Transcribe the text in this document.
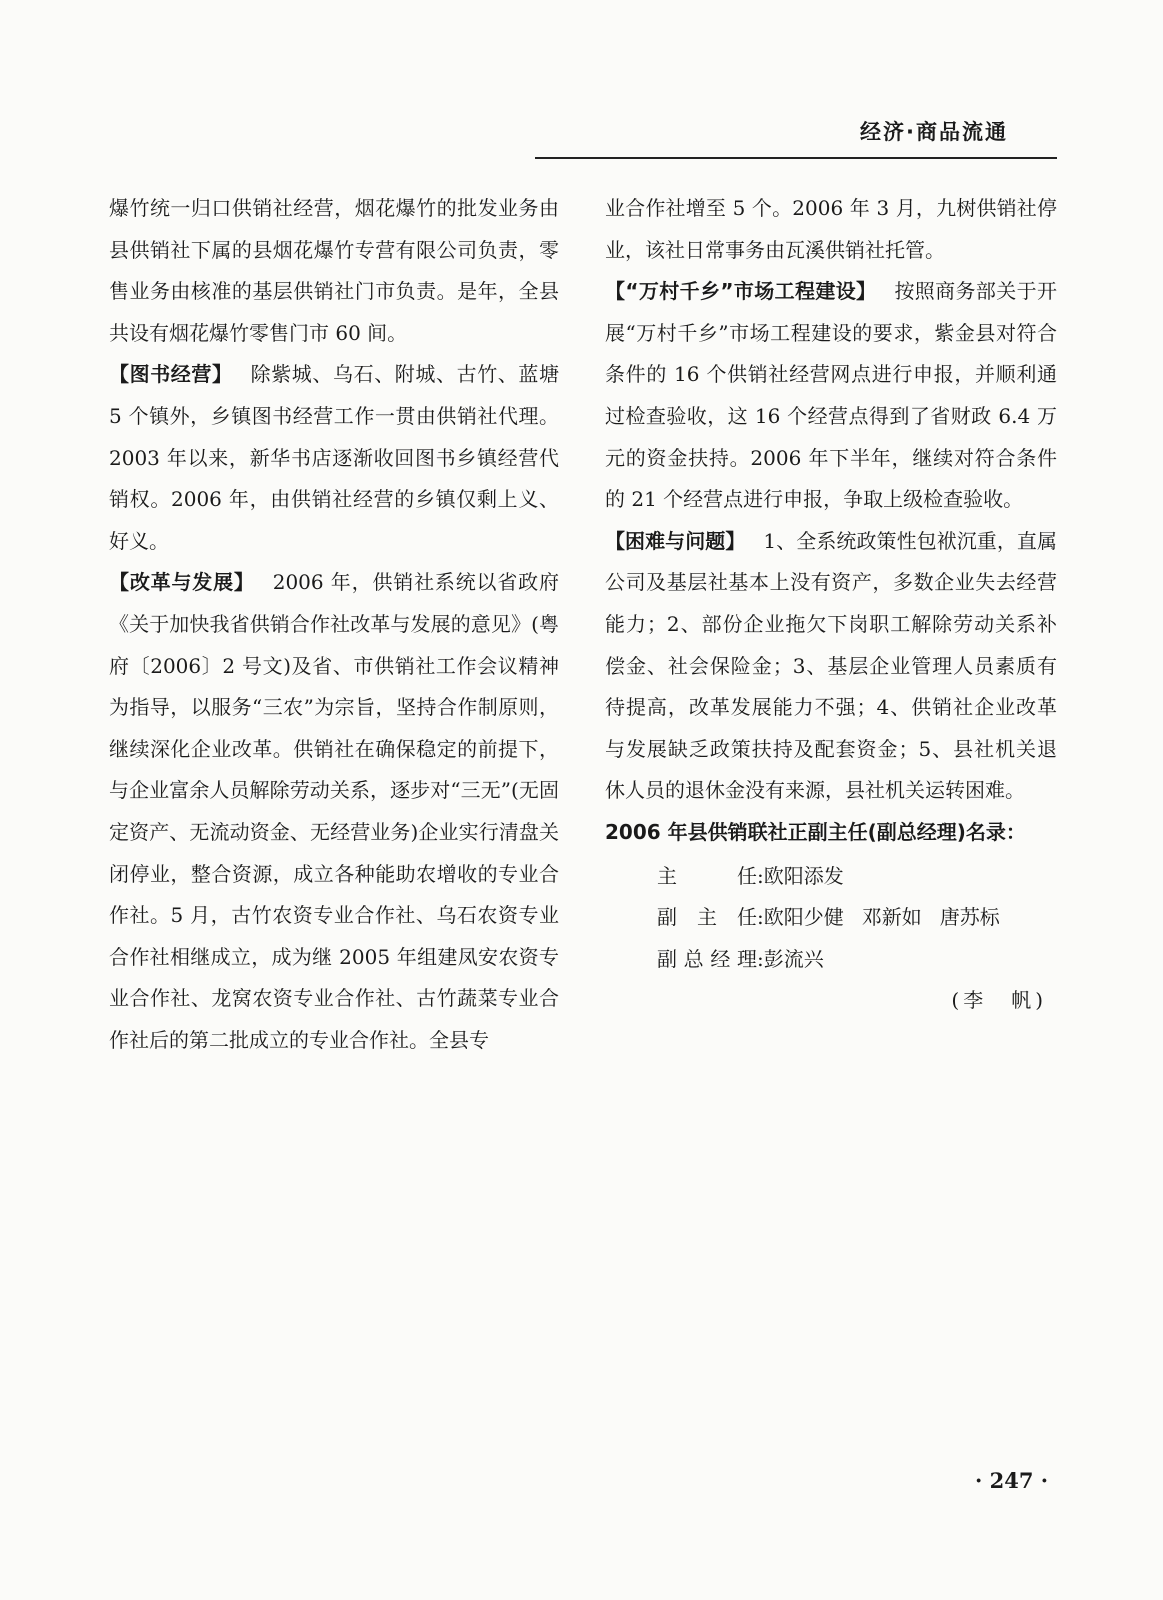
经济·商品流通

爆竹统一归口供销社经营，烟花爆竹的批发业务由县供销社下属的县烟花爆竹专营有限公司负责，零售业务由核准的基层供销社门市负责。是年，全县共设有烟花爆竹零售门市 60 间。

【图书经营】 除紫城、乌石、附城、古竹、蓝塘 5 个镇外，乡镇图书经营工作一贯由供销社代理。2003 年以来，新华书店逐渐收回图书乡镇经营代销权。2006 年，由供销社经营的乡镇仅剩上义、好义。

【改革与发展】 2006 年，供销社系统以省政府《关于加快我省供销合作社改革与发展的意见》(粤府〔2006〕2 号文)及省、市供销社工作会议精神为指导，以服务“三农”为宗旨，坚持合作制原则，继续深化企业改革。供销社在确保稳定的前提下，与企业富余人员解除劳动关系，逐步对“三无”(无固定资产、无流动资金、无经营业务)企业实行清盘关闭停业，整合资源，成立各种能助农增收的专业合作社。5 月，古竹农资专业合作社、乌石农资专业合作社相继成立，成为继 2005 年组建凤安农资专业合作社、龙窝农资专业合作社、古竹蔬菜专业合作社后的第二批成立的专业合作社。全县专

业合作社增至 5 个。2006 年 3 月，九树供销社停业，该社日常事务由瓦溪供销社托管。

【“万村千乡”市场工程建设】 按照商务部关于开展“万村千乡”市场工程建设的要求，紫金县对符合条件的 16 个供销社经营网点进行申报，并顺利通过检查验收，这 16 个经营点得到了省财政 6.4 万元的资金扶持。2006 年下半年，继续对符合条件的 21 个经营点进行申报，争取上级检查验收。

【困难与问题】 1、全系统政策性包袱沉重，直属公司及基层社基本上没有资产，多数企业失去经营能力；2、部份企业拖欠下岗职工解除劳动关系补偿金、社会保险金；3、基层企业管理人员素质有待提高，改革发展能力不强；4、供销社企业改革与发展缺乏政策扶持及配套资金；5、县社机关退休人员的退休金没有来源，县社机关运转困难。

2006 年县供销联社正副主任(副总经理)名录：

主任 : 欧阳添发
副主任 : 欧阳少健 邓新如 唐苏标
副总经理 : 彭流兴
(李　帆)
· 247 ·
